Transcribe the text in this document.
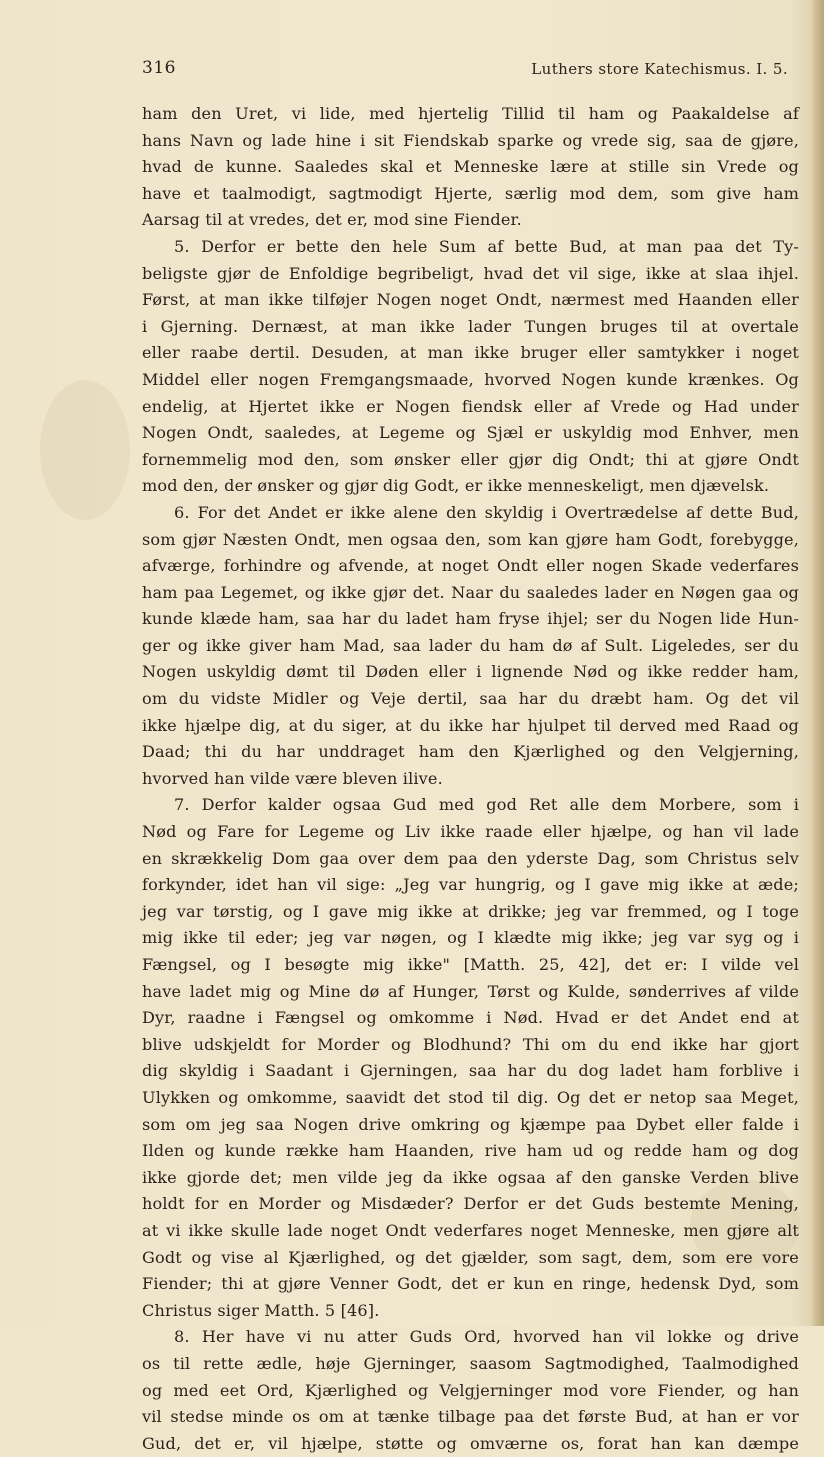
316	Luthers store Katechismus. I. 5.

ham den Uret, vi lide, med hjertelig Tillid til ham og Paakaldelse af

hans Navn og lade hine i sit Fiendskab sparke og vrede sig, saa de gjøre,

hvad de kunne. Saaledes skal et Menneske lære at stille sin Vrede og

have et taalmodigt, sagtmodigt Hjerte, særlig mod dem, som give ham

Aarsag til at vredes, det er, mod sine Fiender.

5. Derfor er bette den hele Sum af bette Bud, at man paa det Ty-

beligste gjør de Enfoldige begribeligt, hvad det vil sige, ikke at slaa ihjel.

Først, at man ikke tilføjer Nogen noget Ondt, nærmest med Haanden eller

i Gjerning. Dernæst, at man ikke lader Tungen bruges til at overtale

eller raabe dertil. Desuden, at man ikke bruger eller samtykker i noget

Middel eller nogen Fremgangsmaade, hvorved Nogen kunde krænkes. Og

endelig, at Hjertet ikke er Nogen fiendsk eller af Vrede og Had under

Nogen Ondt, saaledes, at Legeme og Sjæl er uskyldig mod Enhver, men

fornemmelig mod den, som ønsker eller gjør dig Ondt; thi at gjøre Ondt

mod den, der ønsker og gjør dig Godt, er ikke menneskeligt, men djævelsk.

6. For det Andet er ikke alene den skyldig i Overtrædelse af dette Bud,

som gjør Næsten Ondt, men ogsaa den, som kan gjøre ham Godt, forebygge,

afværge, forhindre og afvende, at noget Ondt eller nogen Skade vederfares

ham paa Legemet, og ikke gjør det. Naar du saaledes lader en Nøgen gaa og

kunde klæde ham, saa har du ladet ham fryse ihjel; ser du Nogen lide Hun-

ger og ikke giver ham Mad, saa lader du ham dø af Sult. Ligeledes, ser du

Nogen uskyldig dømt til Døden eller i lignende Nød og ikke redder ham,

om du vidste Midler og Veje dertil, saa har du dræbt ham. Og det vil

ikke hjælpe dig, at du siger, at du ikke har hjulpet til derved med Raad og

Daad; thi du har unddraget ham den Kjærlighed og den Velgjerning,

hvorved han vilde være bleven ilive.

7. Derfor kalder ogsaa Gud med god Ret alle dem Morbere, som i

Nød og Fare for Legeme og Liv ikke raade eller hjælpe, og han vil lade

en skrækkelig Dom gaa over dem paa den yderste Dag, som Christus selv

forkynder, idet han vil sige: „Jeg var hungrig, og I gave mig ikke at æde;

jeg var tørstig, og I gave mig ikke at drikke; jeg var fremmed, og I toge

mig ikke til eder; jeg var nøgen, og I klædte mig ikke; jeg var syg og i

Fængsel, og I besøgte mig ikke" [Matth. 25, 42], det er: I vilde vel

have ladet mig og Mine dø af Hunger, Tørst og Kulde, sønderrives af vilde

Dyr, raadne i Fængsel og omkomme i Nød. Hvad er det Andet end at

blive udskjeldt for Morder og Blodhund? Thi om du end ikke har gjort

dig skyldig i Saadant i Gjerningen, saa har du dog ladet ham forblive i

Ulykken og omkomme, saavidt det stod til dig. Og det er netop saa Meget,

som om jeg saa Nogen drive omkring og kjæmpe paa Dybet eller falde i

Ilden og kunde række ham Haanden, rive ham ud og redde ham og dog

ikke gjorde det; men vilde jeg da ikke ogsaa af den ganske Verden blive

holdt for en Morder og Misdæder? Derfor er det Guds bestemte Mening,

at vi ikke skulle lade noget Ondt vederfares noget Menneske, men gjøre alt

Godt og vise al Kjærlighed, og det gjælder, som sagt, dem, som ere vore

Fiender; thi at gjøre Venner Godt, det er kun en ringe, hedensk Dyd, som

Christus siger Matth. 5 [46].

8. Her have vi nu atter Guds Ord, hvorved han vil lokke og drive

os til rette ædle, høje Gjerninger, saasom Sagtmodighed, Taalmodighed

og med eet Ord, Kjærlighed og Velgjerninger mod vore Fiender, og han

vil stedse minde os om at tænke tilbage paa det første Bud, at han er vor

Gud, det er, vil hjælpe, støtte og omværne os, forat han kan dæmpe
